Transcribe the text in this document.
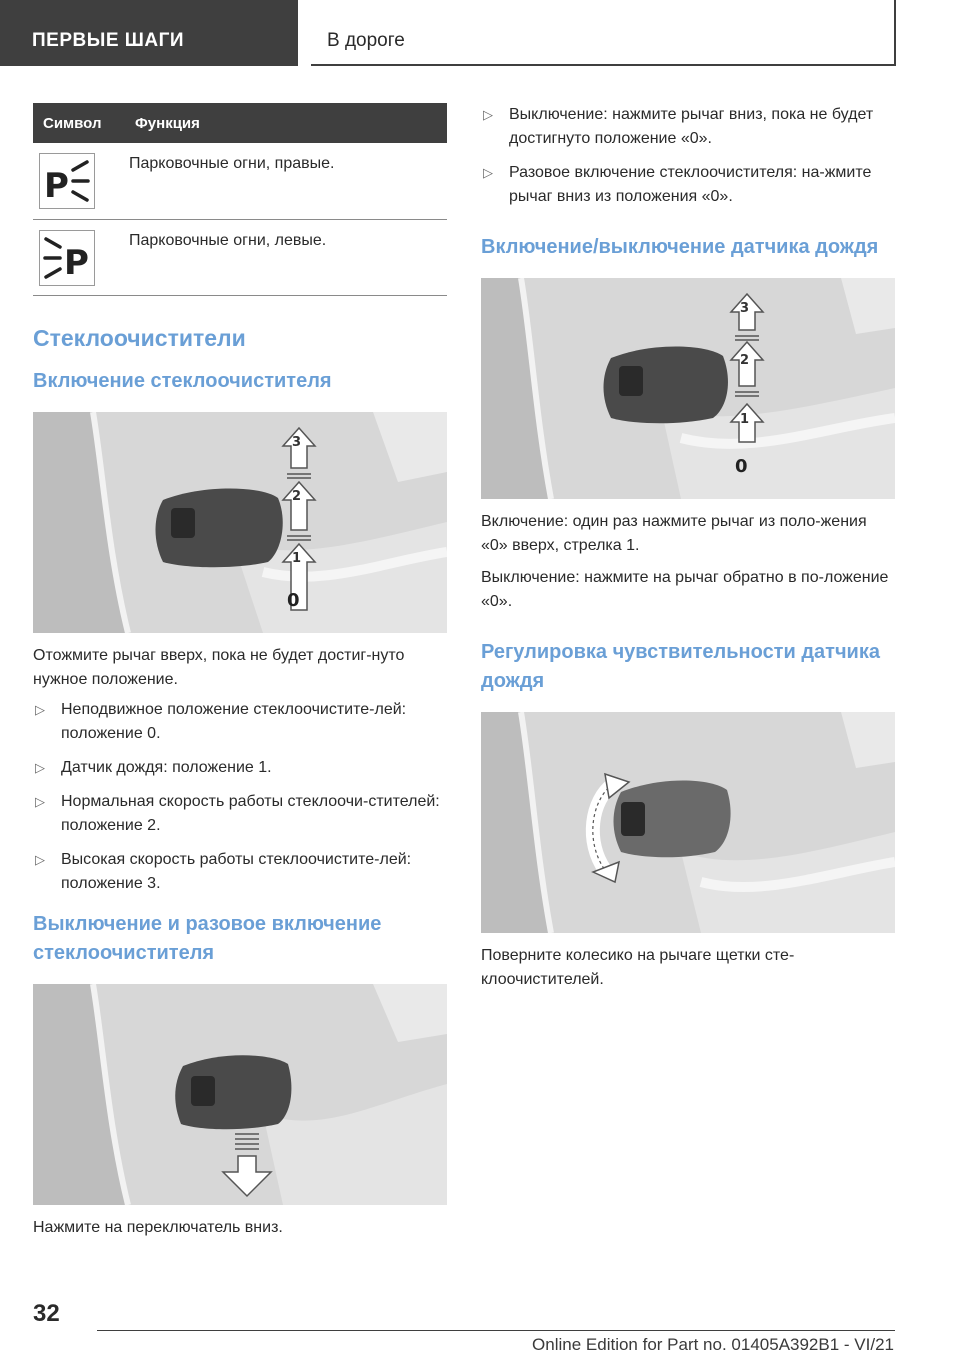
ПЕРВЫЕ ШАГИ	В дороге
Символ	Функция

P	Парковочные огни, правые.

P	Парковочные огни, левые.
Стеклоочистители
Включение стеклоочистителя
1
2
3
0

Отожмите рычаг вверх, пока не будет достиг-нуто нужное положение.

▷ Неподвижное положение стеклоочистите-лей: положение 0.
▷ Датчик дождя: положение 1.
▷ Нормальная скорость работы стеклоочи-стителей: положение 2.
▷ Высокая скорость работы стеклоочистите-лей: положение 3.
Выключение и разовое включение стеклоочистителя

Нажмите на переключатель вниз.

▷ Выключение: нажмите рычаг вниз, пока не будет достигнуто положение «0».
▷ Разовое включение стеклоочистителя: на-жмите рычаг вниз из положения «0».
Включение/выключение датчика дождя
1
2
3
0

Включение: один раз нажмите рычаг из поло-жения «0» вверх, стрелка 1.

Выключение: нажмите на рычаг обратно в по-ложение «0».

Регулировка чувствительности датчика дождя

Поверните колесико на рычаге щетки сте-клоочистителей.

32
Online Edition for Part no. 01405A392B1 - VI/21
